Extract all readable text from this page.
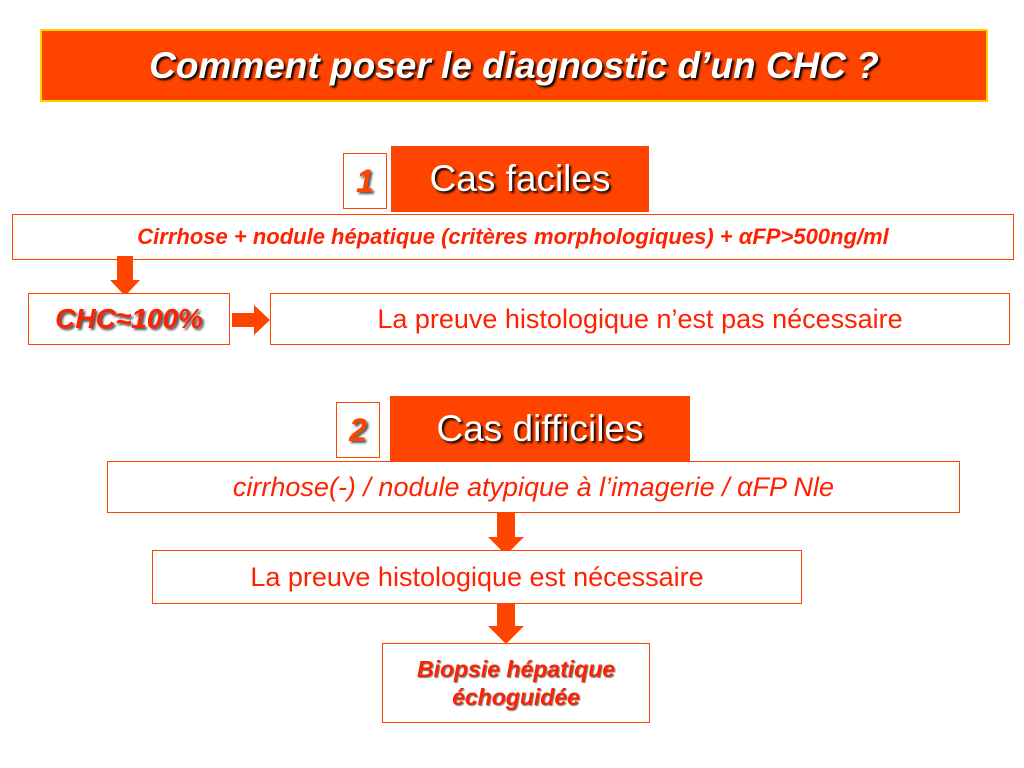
Comment poser le diagnostic d’un CHC ?
1 Cas faciles
Cirrhose + nodule hépatique (critères morphologiques) + αFP>500ng/ml
CHC≈100%	La preuve histologique n’est pas nécessaire
2 Cas difficiles
cirrhose(-) / nodule atypique à l’imagerie / αFP Nle
La preuve histologique est nécessaire
Biopsie hépatique
échoguidée
